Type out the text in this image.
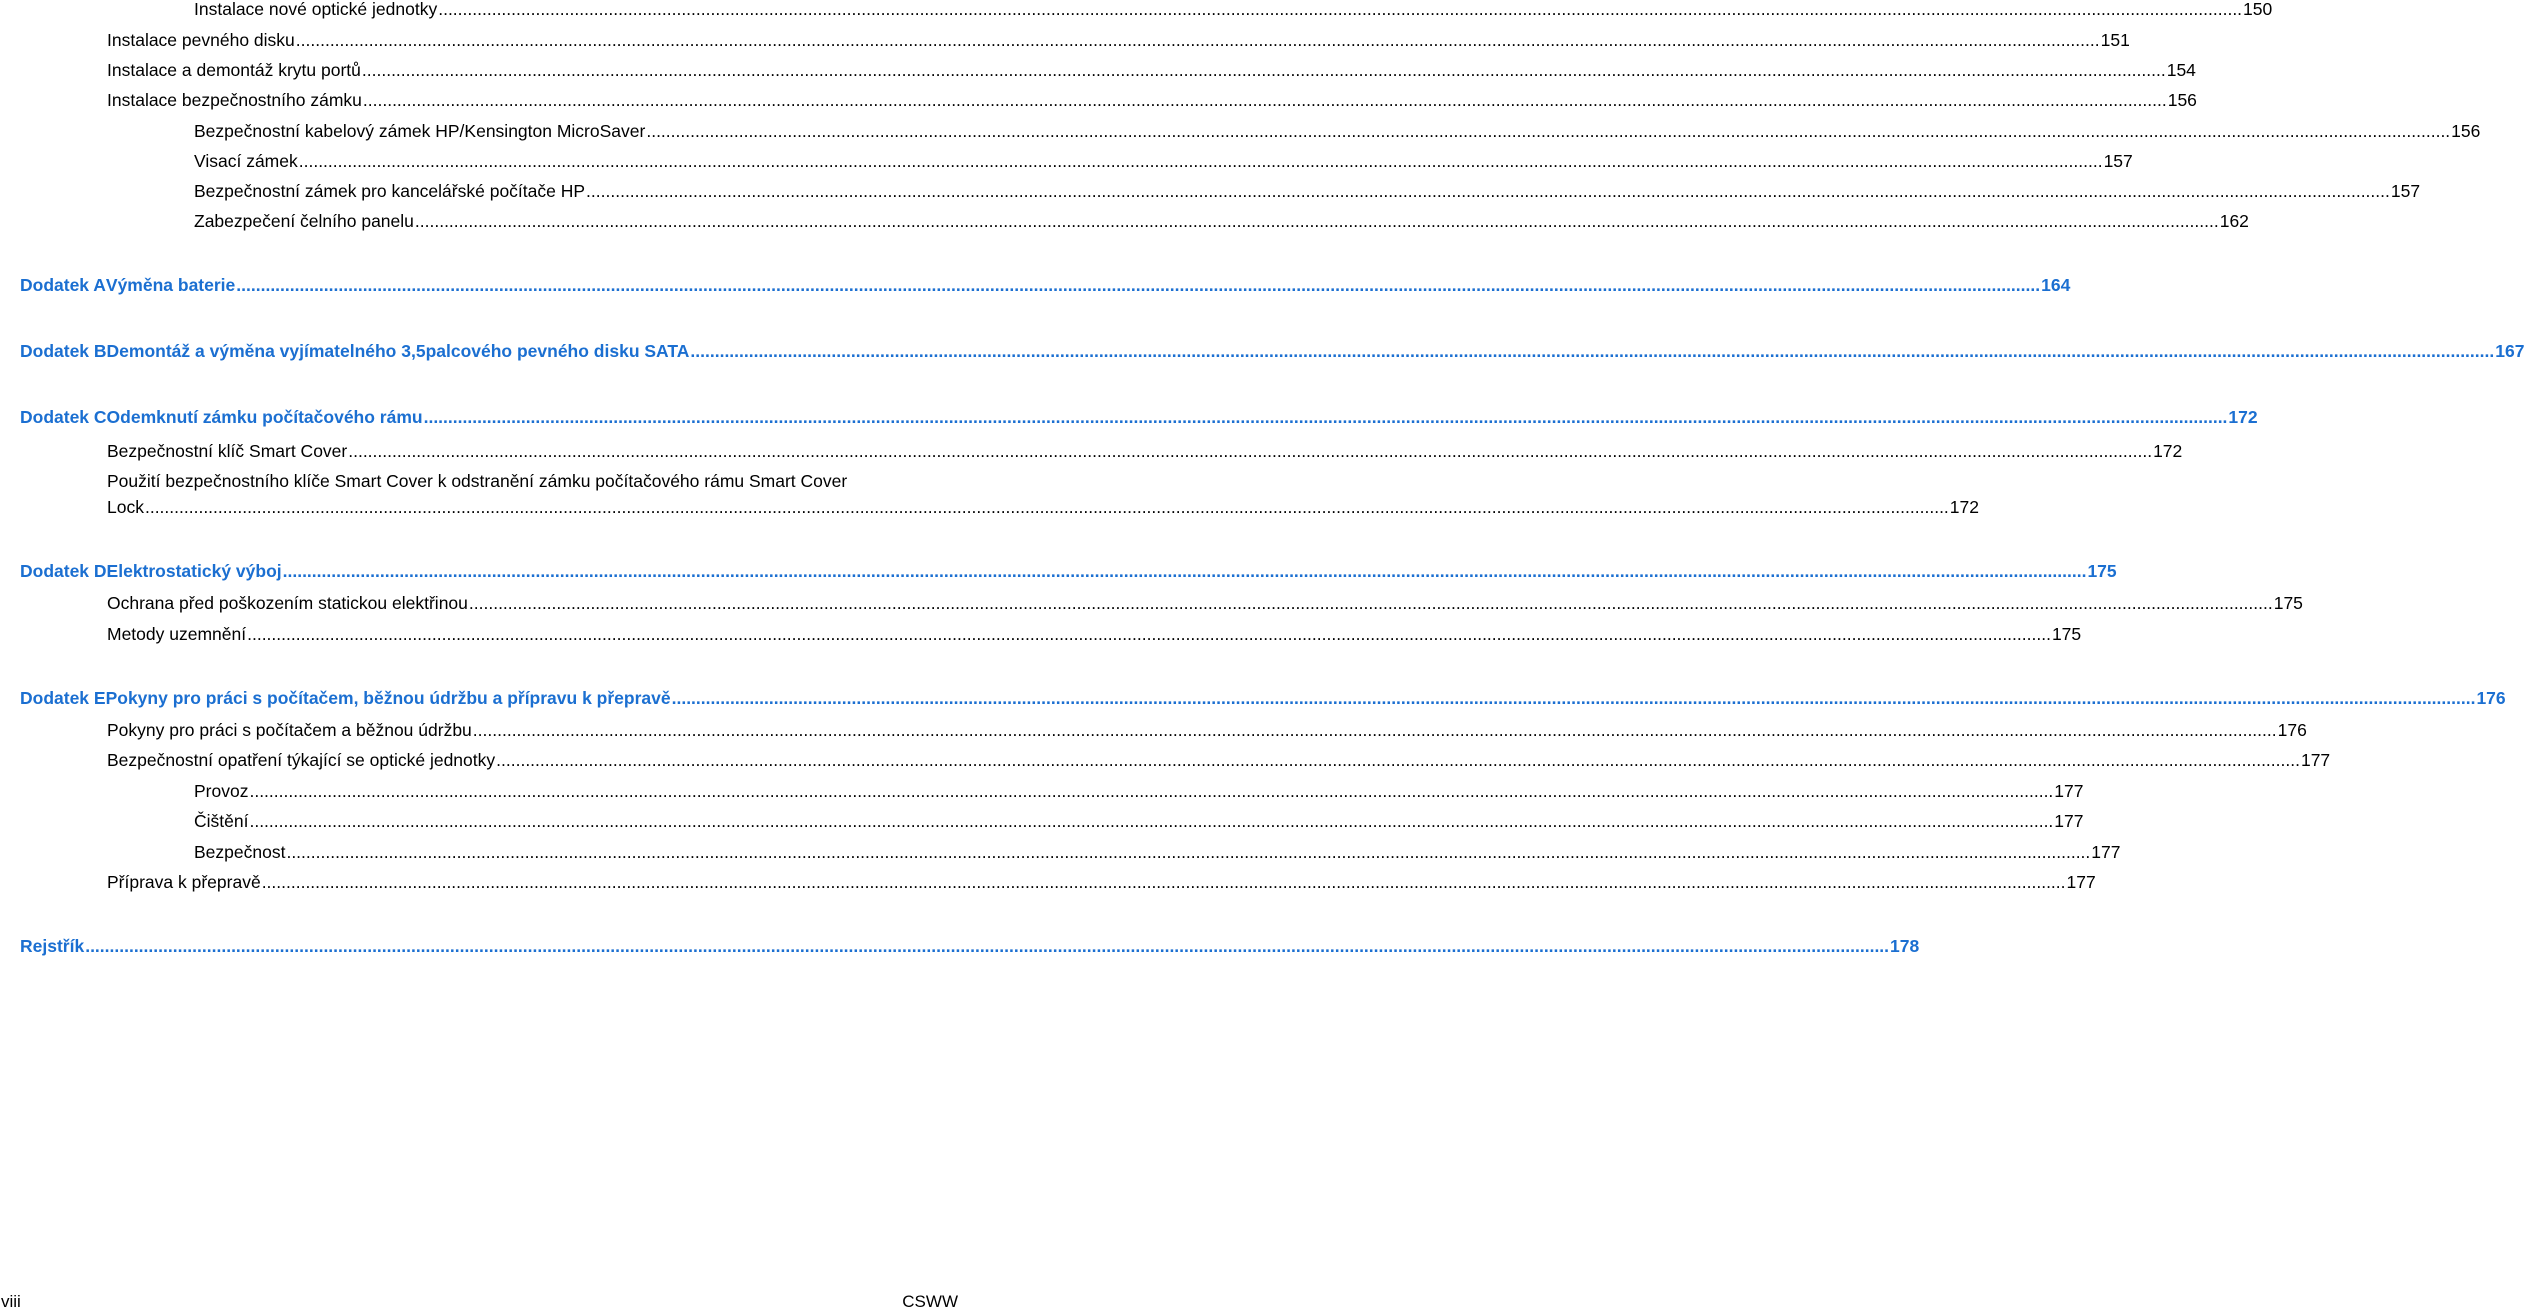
Instalace nové optické jednotky .....	150
Instalace pevného disku .....	151
Instalace a demontáž krytu portů .....	154
Instalace bezpečnostního zámku .....	156
Bezpečnostní kabelový zámek HP/Kensington MicroSaver .....	156
Visací zámek .....	157
Bezpečnostní zámek pro kancelářské počítače HP .....	157
Zabezpečení čelního panelu .....	162
Dodatek A Výměna baterie .....	164
Dodatek B Demontáž a výměna vyjímatelného 3,5palcového pevného disku SATA .....	167
Dodatek C Odemknutí zámku počítačového rámu .....	172
Bezpečnostní klíč Smart Cover .....	172
Použití bezpečnostního klíče Smart Cover k odstranění zámku počítačového rámu Smart Cover
Lock .....	172
Dodatek D Elektrostatický výboj .....	175
Ochrana před poškozením statickou elektřinou .....	175
Metody uzemnění .....	175
Dodatek E Pokyny pro práci s počítačem, běžnou údržbu a přípravu k přepravě .....	176
Pokyny pro práci s počítačem a běžnou údržbu .....	176
Bezpečnostní opatření týkající se optické jednotky .....	177
Provoz .....	177
Čištění .....	177
Bezpečnost .....	177
Příprava k přepravě .....	177
Rejstřík .....	178
viii	CSWW
